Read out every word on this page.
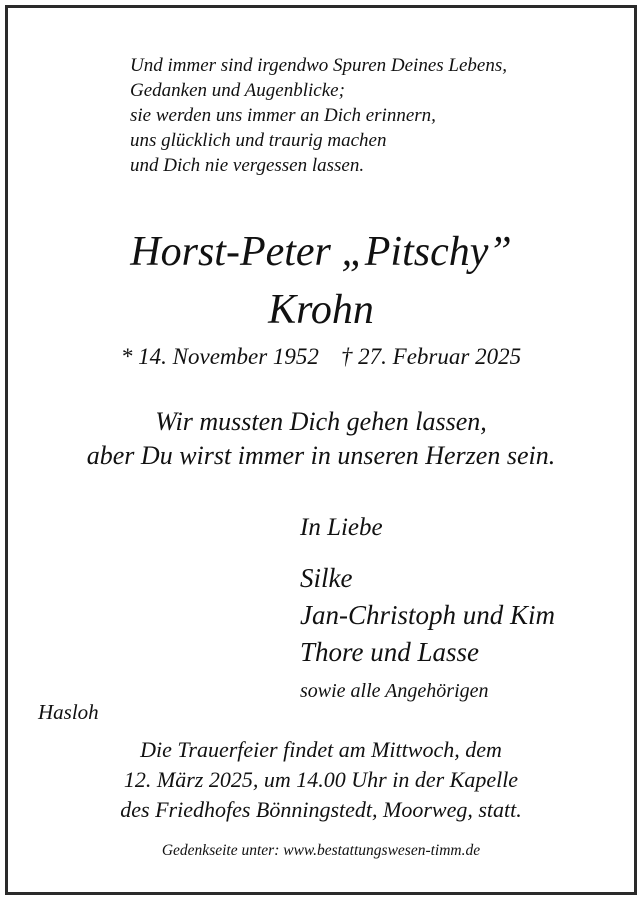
Und immer sind irgendwo Spuren Deines Lebens,
Gedanken und Augenblicke;
sie werden uns immer an Dich erinnern,
uns glücklich und traurig machen
und Dich nie vergessen lassen.
Horst-Peter „Pitschy”
Krohn
* 14. November 1952 † 27. Februar 2025
Wir mussten Dich gehen lassen,
aber Du wirst immer in unseren Herzen sein.
In Liebe
Silke
Jan-Christoph und Kim
Thore und Lasse
sowie alle Angehörigen
Hasloh
Die Trauerfeier findet am Mittwoch, dem
12. März 2025, um 14.00 Uhr in der Kapelle
des Friedhofes Bönningstedt, Moorweg, statt.
Gedenkseite unter: www.bestattungswesen-timm.de
